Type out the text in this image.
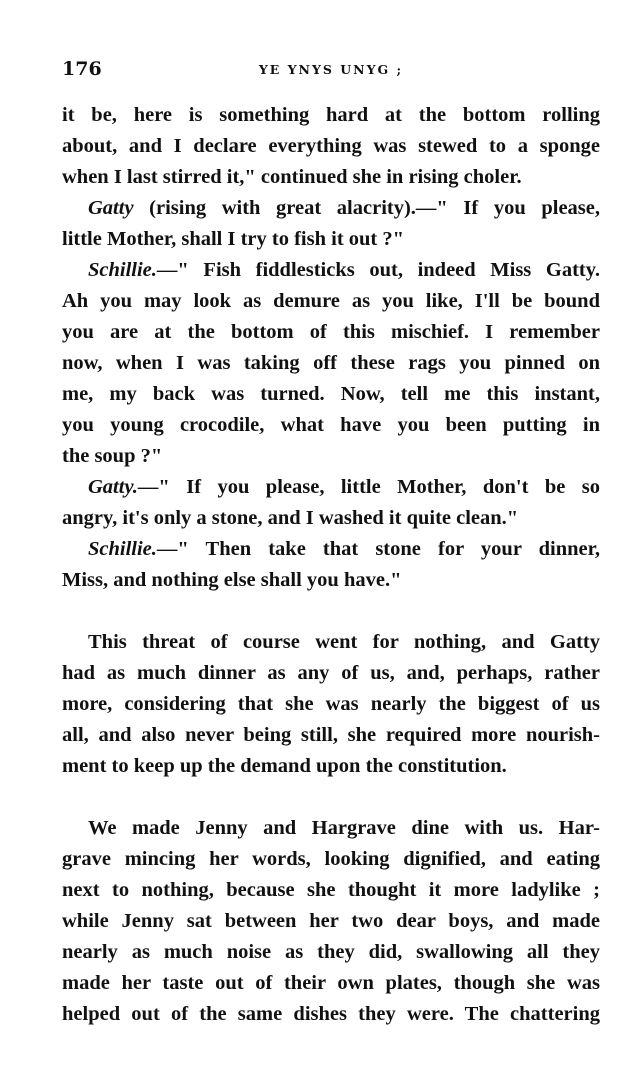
176	YE YNYS UNYG ;
it be, here is something hard at the bottom rolling
about, and I declare everything was stewed to a sponge
when I last stirred it," continued she in rising choler.
Gatty (rising with great alacrity).—" If you please,
little Mother, shall I try to fish it out ?"
Schillie.—" Fish fiddlesticks out, indeed Miss Gatty.
Ah you may look as demure as you like, I'll be bound
you are at the bottom of this mischief. I remember
now, when I was taking off these rags you pinned on
me, my back was turned. Now, tell me this instant,
you young crocodile, what have you been putting in
the soup ?"
Gatty.—" If you please, little Mother, don't be so
angry, it's only a stone, and I washed it quite clean."
Schillie.—" Then take that stone for your dinner,
Miss, and nothing else shall you have."
This threat of course went for nothing, and Gatty
had as much dinner as any of us, and, perhaps, rather
more, considering that she was nearly the biggest of us
all, and also never being still, she required more nourish-
ment to keep up the demand upon the constitution.
We made Jenny and Hargrave dine with us. Har-
grave mincing her words, looking dignified, and eating
next to nothing, because she thought it more ladylike ;
while Jenny sat between her two dear boys, and made
nearly as much noise as they did, swallowing all they
made her taste out of their own plates, though she was
helped out of the same dishes they were. The chattering
